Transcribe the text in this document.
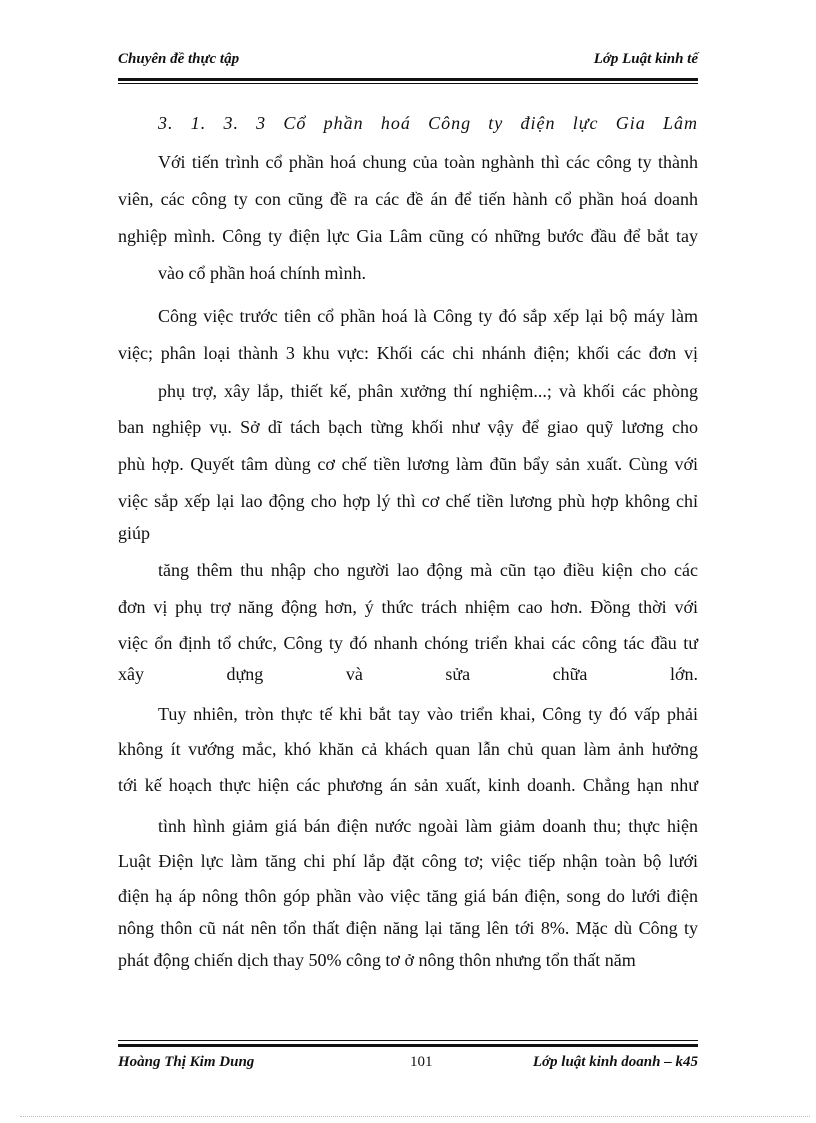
Chuyên đề thực tập	Lớp Luật kinh tế
3. 1. 3. 3 Cổ phần hoá Công ty điện lực Gia Lâm
Với tiến trình cổ phần hoá chung của toàn nghành thì các công ty thành
viên, các công ty con cũng đề ra các đề án để tiến hành cổ phần hoá doanh
nghiệp mình. Công ty điện lực Gia Lâm cũng có những bước đầu để bắt tay
vào cổ phần hoá chính mình.
Công việc trước tiên cổ phần hoá là Công ty đó sắp xếp lại bộ máy làm
việc; phân loại thành 3 khu vực: Khối các chi nhánh điện; khối các đơn vị
phụ trợ, xây lắp, thiết kế, phân xưởng thí nghiệm...; và khối các phòng
ban nghiệp vụ. Sở dĩ tách bạch từng khối như vậy để giao quỹ lương cho
phù hợp. Quyết tâm dùng cơ chế tiền lương làm đũn bẩy sản xuất. Cùng với
việc sắp xếp lại lao động cho hợp lý thì cơ chế tiền lương phù hợp không chỉ
giúp
tăng thêm thu nhập cho người lao động mà cũn tạo điều kiện cho các
đơn vị phụ trợ năng động hơn, ý thức trách nhiệm cao hơn. Đồng thời với
việc ổn định tổ chức, Công ty đó nhanh chóng triển khai các công tác đầu tư
xây dựng và sửa chữa lớn.
Tuy nhiên, tròn thực tế khi bắt tay vào triển khai, Công ty đó vấp phải
không ít vướng mắc, khó khăn cả khách quan lẫn chủ quan làm ảnh hưởng
tới kế hoạch thực hiện các phương án sản xuất, kinh doanh. Chẳng hạn như
tình hình giảm giá bán điện nước ngoài làm giảm doanh thu; thực hiện
Luật Điện lực làm tăng chi phí lắp đặt công tơ; việc tiếp nhận toàn bộ lưới
điện hạ áp nông thôn góp phần vào việc tăng giá bán điện, song do lưới điện
nông thôn cũ nát nên tổn thất điện năng lại tăng lên tới 8%. Mặc dù Công ty
phát động chiến dịch thay 50% công tơ ở nông thôn nhưng tổn thất năm
Hoàng Thị Kim Dung	101	Lớp luật kinh doanh – k45
